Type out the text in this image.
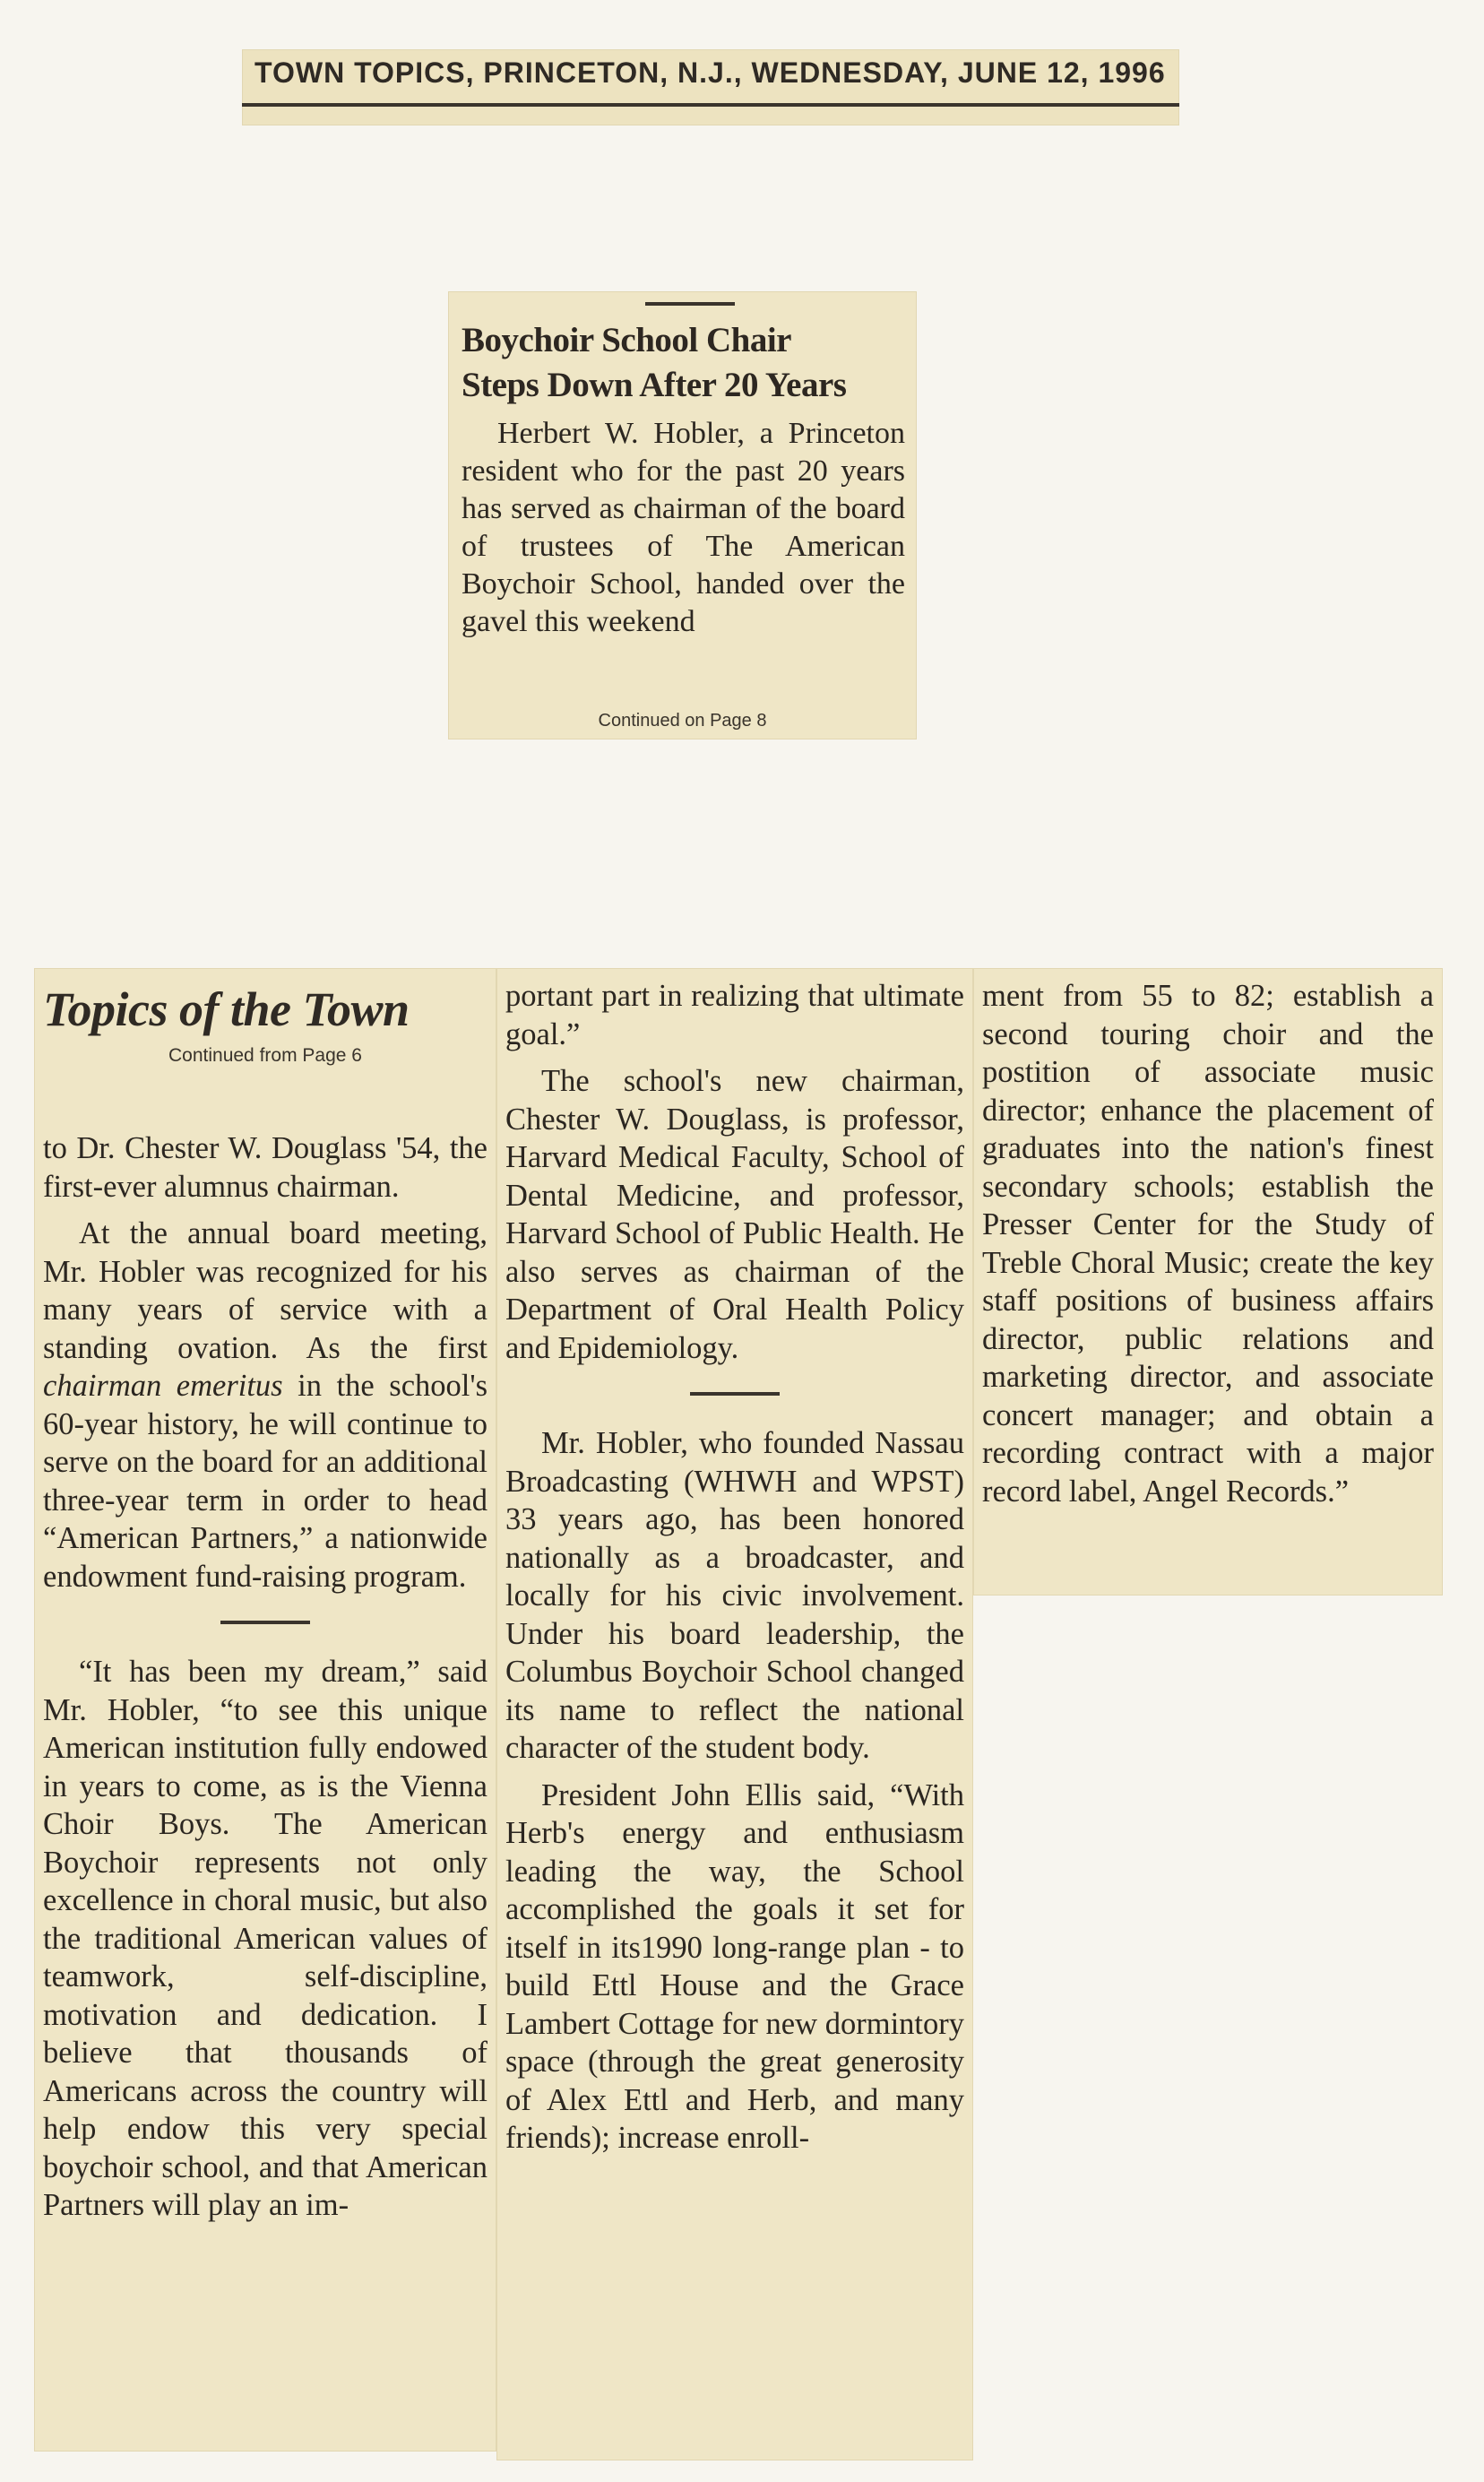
TOWN TOPICS, PRINCETON, N.J., WEDNESDAY, JUNE 12, 1996
Boychoir School Chair
Steps Down After 20 Years

Herbert W. Hobler, a Princeton resident who for the past 20 years has served as chairman of the board of trustees of The American Boychoir School, handed over the gavel this weekend

Continued on Page 8
Topics of the Town
Continued from Page 6

to Dr. Chester W. Douglass '54, the first-ever alumnus chairman.

At the annual board meeting, Mr. Hobler was recognized for his many years of service with a standing ovation. As the first chairman emeritus in the school's 60-year history, he will continue to serve on the board for an additional three-year term in order to head “American Partners,” a nationwide endowment fund-raising program.

“It has been my dream,” said Mr. Hobler, “to see this unique American institution fully endowed in years to come, as is the Vienna Choir Boys. The American Boychoir represents not only excellence in choral music, but also the traditional American values of teamwork, self-discipline, motivation and dedication. I believe that thousands of Americans across the country will help endow this very special boychoir school, and that American Partners will play an im-

portant part in realizing that ultimate goal.”

The school's new chairman, Chester W. Douglass, is professor, Harvard Medical Faculty, School of Dental Medicine, and professor, Harvard School of Public Health. He also serves as chairman of the Department of Oral Health Policy and Epidemiology.

Mr. Hobler, who founded Nassau Broadcasting (WHWH and WPST) 33 years ago, has been honored nationally as a broadcaster, and locally for his civic involvement. Under his board leadership, the Columbus Boychoir School changed its name to reflect the national character of the student body.

President John Ellis said, “With Herb's energy and enthusiasm leading the way, the School accomplished the goals it set for itself in its1990 long-range plan - to build Ettl House and the Grace Lambert Cottage for new dormintory space (through the great generosity of Alex Ettl and Herb, and many friends); increase enroll-

ment from 55 to 82; establish a second touring choir and the postition of associate music director; enhance the placement of graduates into the nation's finest secondary schools; establish the Presser Center for the Study of Treble Choral Music; create the key staff positions of business affairs director, public relations and marketing director, and associate concert manager; and obtain a recording contract with a major record label, Angel Records.”
